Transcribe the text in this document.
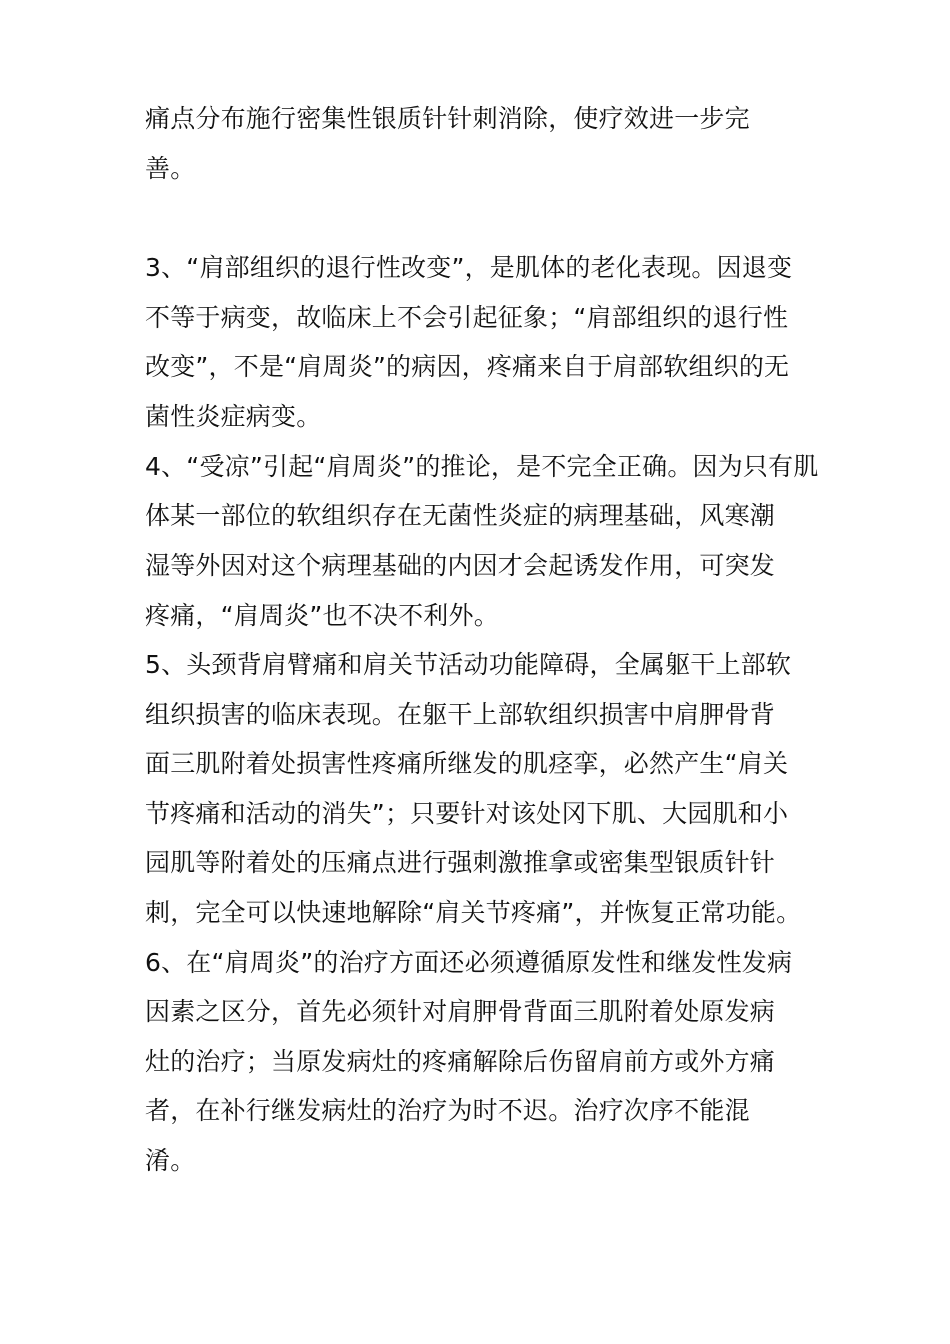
痛点分布施行密集性银质针针刺消除，使疗效进一步完
善。
3、“肩部组织的退行性改变”，是肌体的老化表现。因退变
不等于病变，故临床上不会引起征象；“肩部组织的退行性
改变”，不是“肩周炎”的病因，疼痛来自于肩部软组织的无
菌性炎症病变。
4、“受凉”引起“肩周炎”的推论，是不完全正确。因为只有肌
体某一部位的软组织存在无菌性炎症的病理基础，风寒潮
湿等外因对这个病理基础的内因才会起诱发作用，可突发
疼痛，“肩周炎”也不决不利外。
5、头颈背肩臂痛和肩关节活动功能障碍，全属躯干上部软
组织损害的临床表现。在躯干上部软组织损害中肩胛骨背
面三肌附着处损害性疼痛所继发的肌痉挛，必然产生“肩关
节疼痛和活动的消失”；只要针对该处冈下肌、大园肌和小
园肌等附着处的压痛点进行强刺激推拿或密集型银质针针
刺，完全可以快速地解除“肩关节疼痛”，并恢复正常功能。
6、在“肩周炎”的治疗方面还必须遵循原发性和继发性发病
因素之区分，首先必须针对肩胛骨背面三肌附着处原发病
灶的治疗；当原发病灶的疼痛解除后伤留肩前方或外方痛
者，在补行继发病灶的治疗为时不迟。治疗次序不能混
淆。
